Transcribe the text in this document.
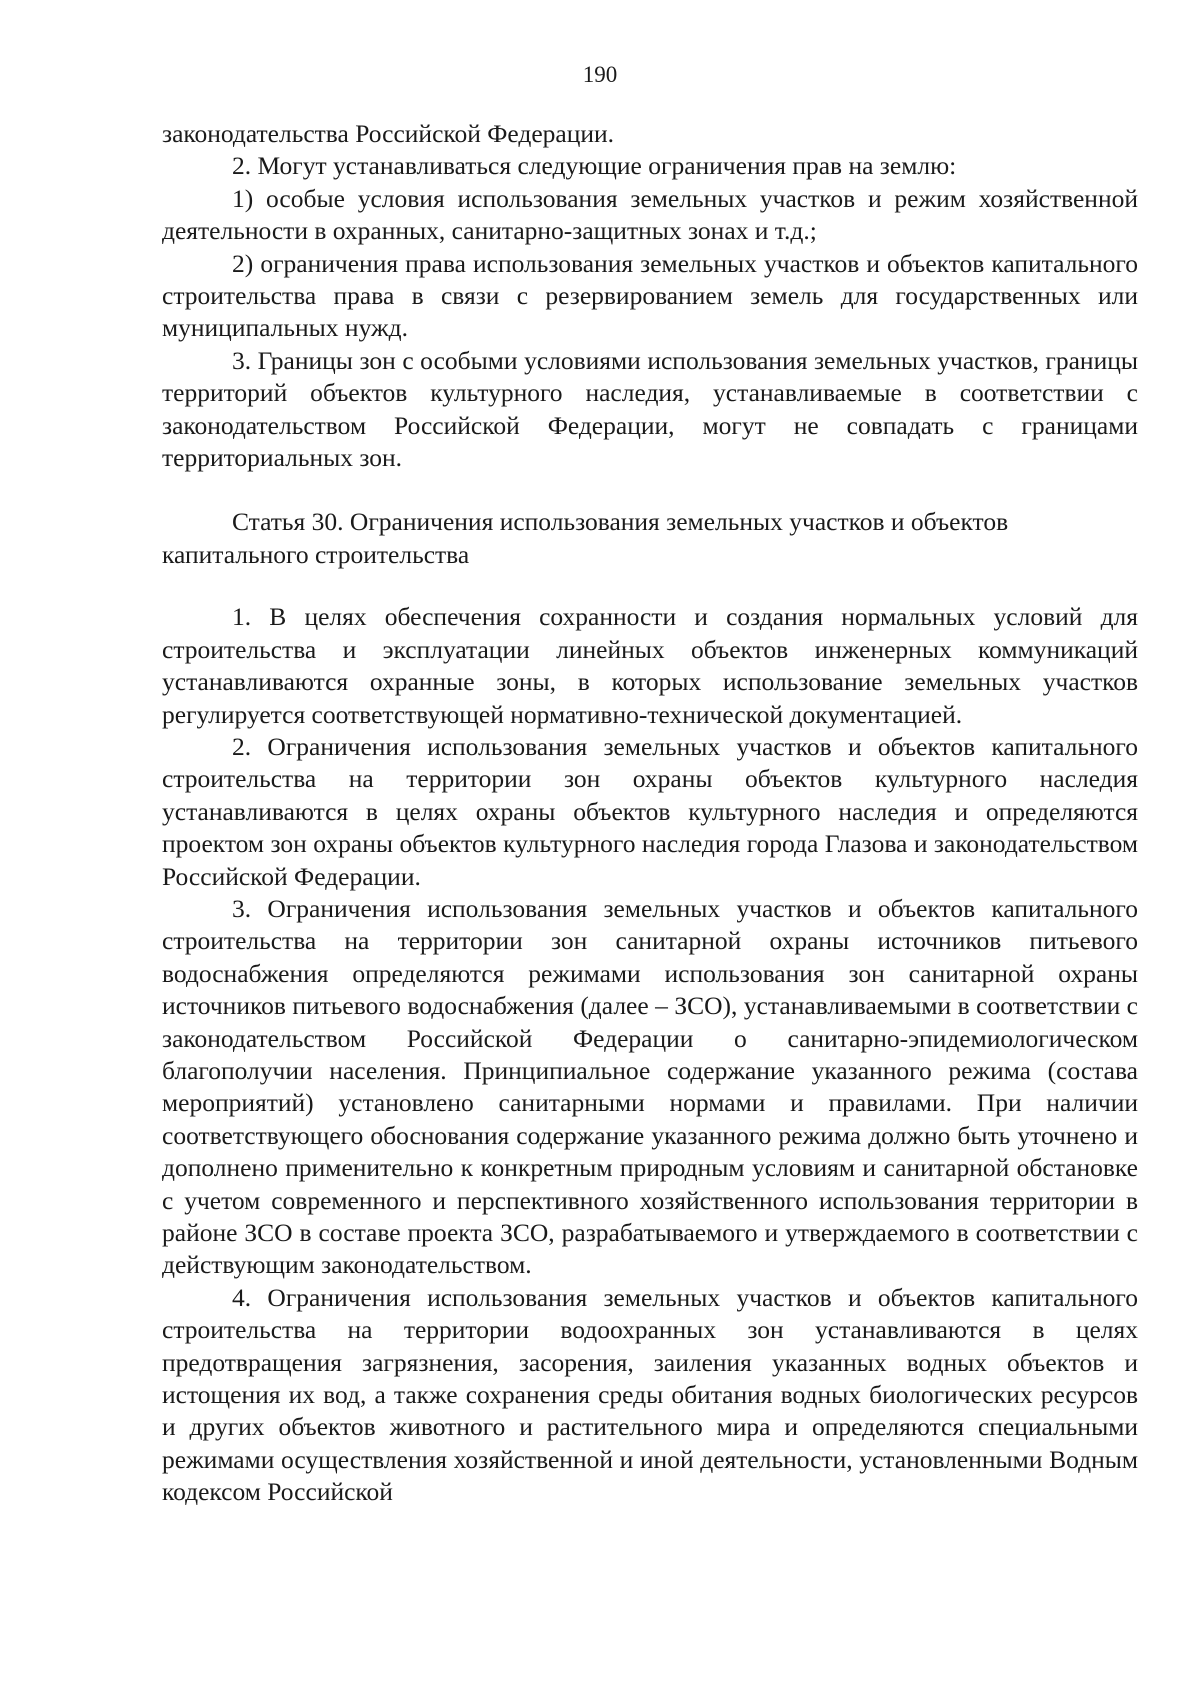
190

законодательства Российской Федерации.

2. Могут устанавливаться следующие ограничения прав на землю:

1) особые условия использования земельных участков и режим хозяйственной деятельности в охранных, санитарно-защитных зонах и т.д.;

2) ограничения права использования земельных участков и объектов капитального строительства права в связи с резервированием земель для государственных или муниципальных нужд.

3. Границы зон с особыми условиями использования земельных участков, границы территорий объектов культурного наследия, устанавливаемые в соответствии с законодательством Российской Федерации, могут не совпадать с границами территориальных зон.

Статья 30. Ограничения использования земельных участков и объектов капитального строительства

1. В целях обеспечения сохранности и создания нормальных условий для строительства и эксплуатации линейных объектов инженерных коммуникаций устанавливаются охранные зоны, в которых использование земельных участков регулируется соответствующей нормативно-технической документацией.

2. Ограничения использования земельных участков и объектов капитального строительства на территории зон охраны объектов культурного наследия устанавливаются в целях охраны объектов культурного наследия и определяются проектом зон охраны объектов культурного наследия города Глазова и законодательством Российской Федерации.

3. Ограничения использования земельных участков и объектов капитального строительства на территории зон санитарной охраны источников питьевого водоснабжения определяются режимами использования зон санитарной охраны источников питьевого водоснабжения (далее – ЗСО), устанавливаемыми в соответствии с законодательством Российской Федерации о санитарно-эпидемиологическом благополучии населения. Принципиальное содержание указанного режима (состава мероприятий) установлено санитарными нормами и правилами. При наличии соответствующего обоснования содержание указанного режима должно быть уточнено и дополнено применительно к конкретным природным условиям и санитарной обстановке с учетом современного и перспективного хозяйственного использования территории в районе ЗСО в составе проекта ЗСО, разрабатываемого и утверждаемого в соответствии с действующим законодательством.

4. Ограничения использования земельных участков и объектов капитального строительства на территории водоохранных зон устанавливаются в целях предотвращения загрязнения, засорения, заиления указанных водных объектов и истощения их вод, а также сохранения среды обитания водных биологических ресурсов и других объектов животного и растительного мира и определяются специальными режимами осуществления хозяйственной и иной деятельности, установленными Водным кодексом Российской
